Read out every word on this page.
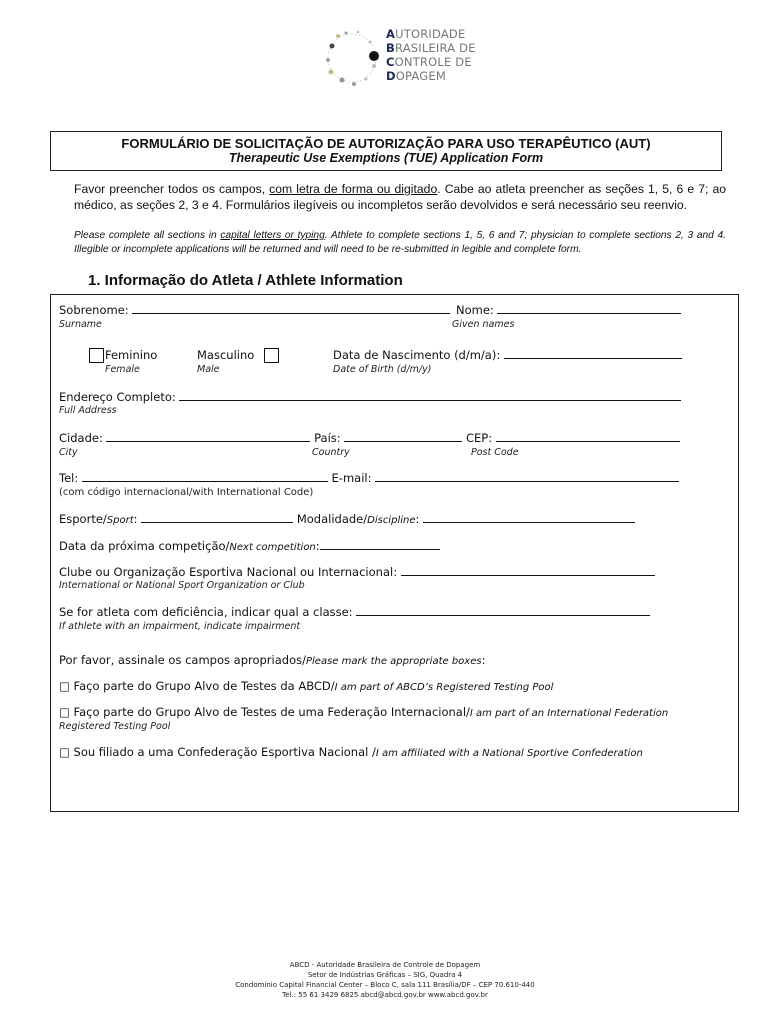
AUTORIDADE
BRASILEIRA DE
CONTROLE DE
DOPAGEM
FORMULÁRIO DE SOLICITAÇÃO DE AUTORIZAÇÃO PARA USO TERAPÊUTICO (AUT)
Therapeutic Use Exemptions (TUE) Application Form
Favor preencher todos os campos, com letra de forma ou digitado. Cabe ao atleta preencher as seções 1, 5, 6 e 7; ao médico, as seções 2, 3 e 4. Formulários ilegíveis ou incompletos serão devolvidos e será necessário seu reenvio.
Please complete all sections in capital letters or typing. Athlete to complete sections 1, 5, 6 and 7; physician to complete sections 2, 3 and 4. Illegible or incomplete applications will be returned and will need to be re-submitted in legible and complete form.
1. Informação do Atleta / Athlete Information
Sobrenome:	Nome:
Surname	Given names
Feminino
Female
Masculino
Male
Data de Nascimento (d/m/a):
Date of Birth (d/m/y)
Endereço Completo:
Full Address
Cidade:	País:	CEP:
City	Country	Post Code
Tel:	E-mail:
(com código internacional/with International Code)
Esporte/Sport:	Modalidade/Discipline:
Data da próxima competição/Next competition:
Clube ou Organização Esportiva Nacional ou Internacional:
International or National Sport Organization or Club
Se for atleta com deficiência, indicar qual a classe:
If athlete with an impairment, indicate impairment
Por favor, assinale os campos apropriados/Please mark the appropriate boxes:
□ Faço parte do Grupo Alvo de Testes da ABCD/I am part of ABCD’s Registered Testing Pool
□ Faço parte do Grupo Alvo de Testes de uma Federação Internacional/I am part of an International Federation
Registered Testing Pool
□ Sou filiado a uma Confederação Esportiva Nacional /I am affiliated with a National Sportive Confederation
ABCD - Autoridade Brasileira de Controle de Dopagem
Setor de Indústrias Gráficas – SIG, Quadra 4
Condomínio Capital Financial Center – Bloco C, sala 111 Brasília/DF – CEP 70.610-440
Tel.: 55 61 3429 6825 abcd@abcd.gov.br www.abcd.gov.br
